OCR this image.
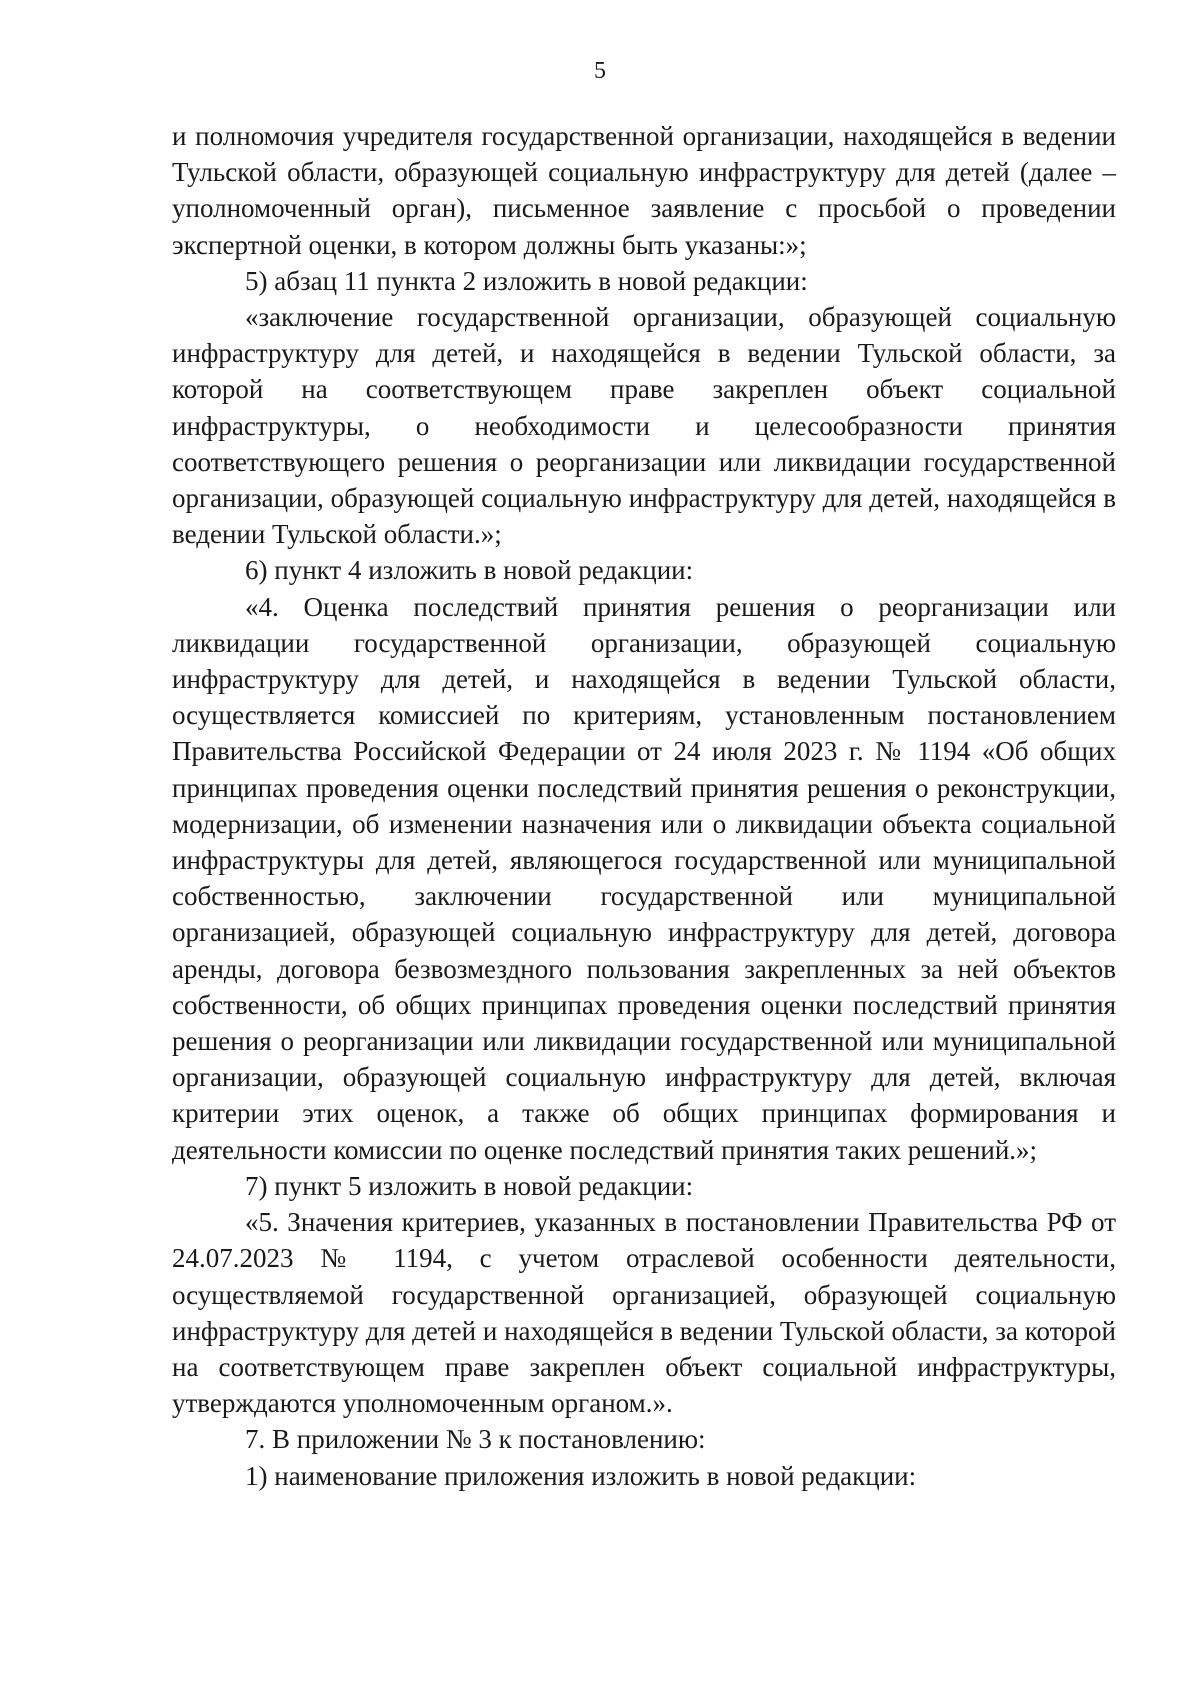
5

и полномочия учредителя государственной организации, находящейся в ведении Тульской области, образующей социальную инфраструктуру для детей (далее – уполномоченный орган), письменное заявление с просьбой о проведении экспертной оценки, в котором должны быть указаны:»;

5) абзац 11 пункта 2 изложить в новой редакции:

«заключение государственной организации, образующей социальную инфраструктуру для детей, и находящейся в ведении Тульской области, за которой на соответствующем праве закреплен объект социальной инфраструктуры, о необходимости и целесообразности принятия соответствующего решения о реорганизации или ликвидации государственной организации, образующей социальную инфраструктуру для детей, находящейся в ведении Тульской области.»;

6) пункт 4 изложить в новой редакции:

«4. Оценка последствий принятия решения о реорганизации или ликвидации государственной организации, образующей социальную инфраструктуру для детей, и находящейся в ведении Тульской области, осуществляется комиссией по критериям, установленным постановлением Правительства Российской Федерации от 24 июля 2023 г. № 1194 «Об общих принципах проведения оценки последствий принятия решения о реконструкции, модернизации, об изменении назначения или о ликвидации объекта социальной инфраструктуры для детей, являющегося государственной или муниципальной собственностью, заключении государственной или муниципальной организацией, образующей социальную инфраструктуру для детей, договора аренды, договора безвозмездного пользования закрепленных за ней объектов собственности, об общих принципах проведения оценки последствий принятия решения о реорганизации или ликвидации государственной или муниципальной организации, образующей социальную инфраструктуру для детей, включая критерии этих оценок, а также об общих принципах формирования и деятельности комиссии по оценке последствий принятия таких решений.»;

7) пункт 5 изложить в новой редакции:

«5. Значения критериев, указанных в постановлении Правительства РФ от 24.07.2023 № 1194, с учетом отраслевой особенности деятельности, осуществляемой государственной организацией, образующей социальную инфраструктуру для детей и находящейся в ведении Тульской области, за которой на соответствующем праве закреплен объект социальной инфраструктуры, утверждаются уполномоченным органом.».

7. В приложении № 3 к постановлению:

1) наименование приложения изложить в новой редакции:
